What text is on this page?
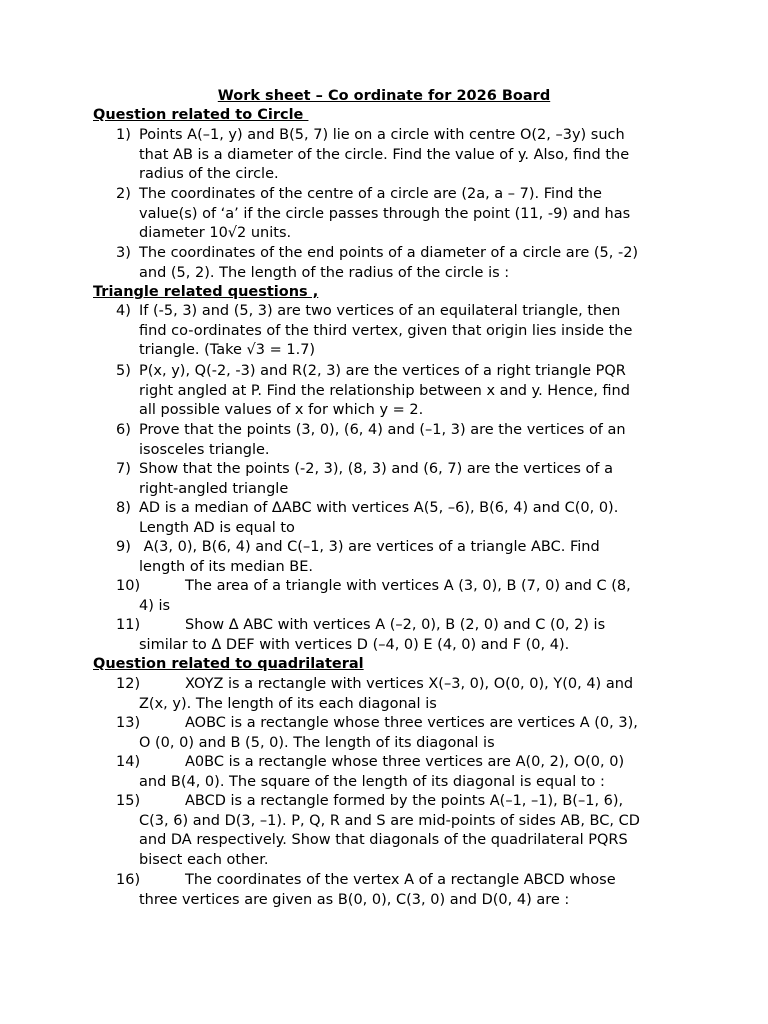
Work sheet – Co ordinate for 2026 Board
Question related to Circle ⁠
1) Points A(–1, y) and B(5, 7) lie on a circle with centre O(2, –3y) such
that AB is a diameter of the circle. Find the value of y. Also, find the
radius of the circle.
2) The coordinates of the centre of a circle are (2a, a – 7). Find the
value(s) of ‘a’ if the circle passes through the point (11, -9) and has
diameter 10√2 units.
3) The coordinates of the end points of a diameter of a circle are (5, -2)
and (5, 2). The length of the radius of the circle is :
Triangle related questions ,⁠
4) If (-5, 3) and (5, 3) are two vertices of an equilateral triangle, then
find co-ordinates of the third vertex, given that origin lies inside the
triangle. (Take √3 = 1.7)
5) P(x, y), Q(-2, -3) and R(2, 3) are the vertices of a right triangle PQR
right angled at P. Find the relationship between x and y. Hence, find
all possible values of x for which y = 2.
6) Prove that the points (3, 0), (6, 4) and (–1, 3) are the vertices of an
isosceles triangle.
7) Show that the points (-2, 3), (8, 3) and (6, 7) are the vertices of a
right-angled triangle
8) AD is a median of ΔABC with vertices A(5, –6), B(6, 4) and C(0, 0).
Length AD is equal to
9) A(3, 0), B(6, 4) and C(–1, 3) are vertices of a triangle ABC. Find
length of its median BE.
10)	The area of a triangle with vertices A (3, 0), B (7, 0) and C (8,
4) is
11)	Show Δ ABC with vertices A (–2, 0), B (2, 0) and C (0, 2) is
similar to Δ DEF with vertices D (–4, 0) E (4, 0) and F (0, 4).
Question related to quadrilateral
12)	XOYZ is a rectangle with vertices X(–3, 0), O(0, 0), Y(0, 4) and
Z(x, y). The length of its each diagonal is
13)	AOBC is a rectangle whose three vertices are vertices A (0, 3),
O (0, 0) and B (5, 0). The length of its diagonal is
14)	A0BC is a rectangle whose three vertices are A(0, 2), O(0, 0)
and B(4, 0). The square of the length of its diagonal is equal to :
15)	ABCD is a rectangle formed by the points A(–1, –1), B(–1, 6),
C(3, 6) and D(3, –1). P, Q, R and S are mid-points of sides AB, BC, CD
and DA respectively. Show that diagonals of the quadrilateral PQRS
bisect each other.
16)	The coordinates of the vertex A of a rectangle ABCD whose
three vertices are given as B(0, 0), C(3, 0) and D(0, 4) are :
